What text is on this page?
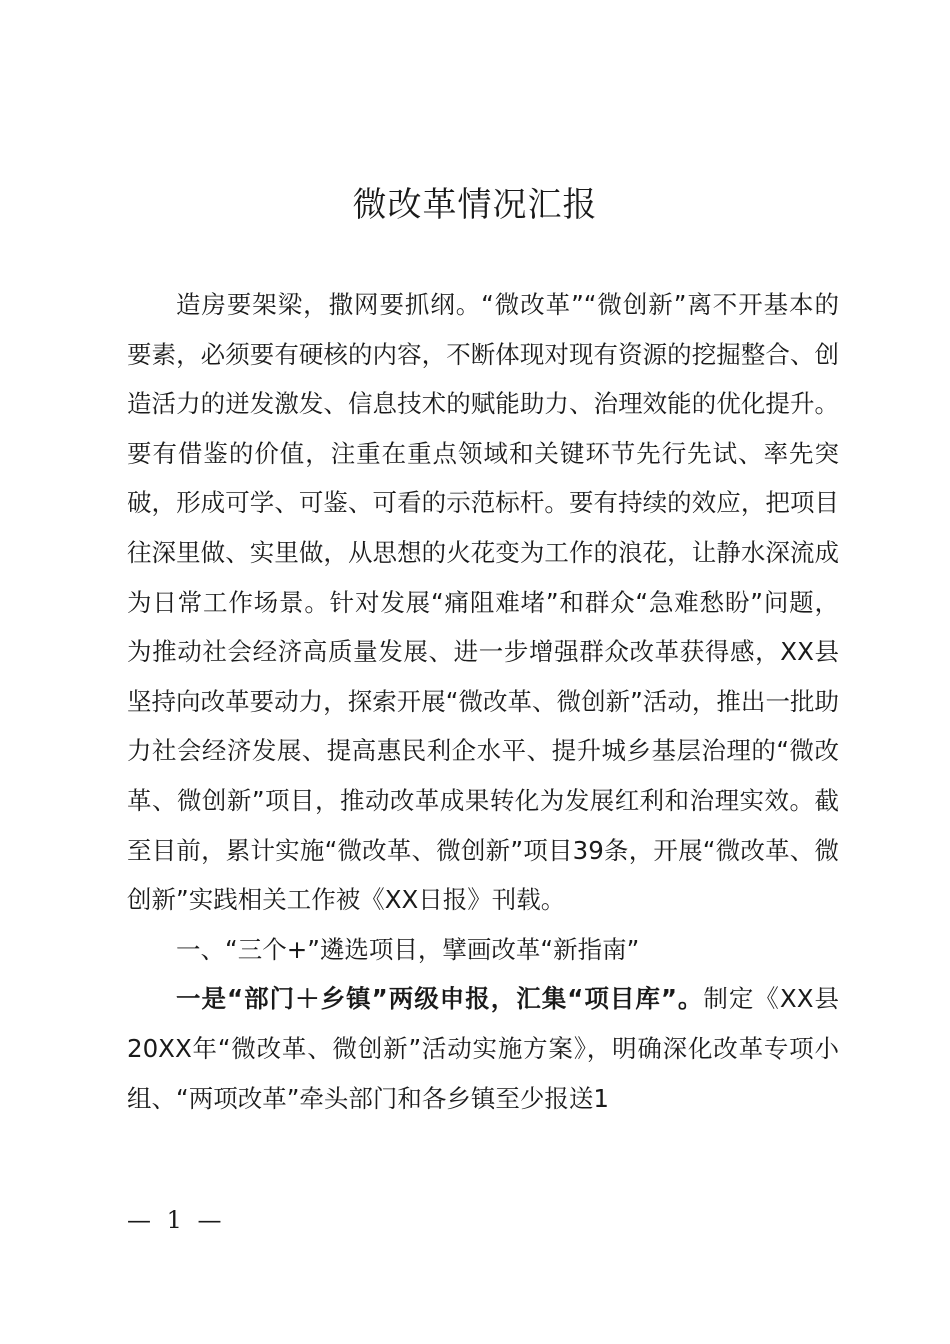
微改革情况汇报

造房要架梁，撒网要抓纲。“微改革”“微创新”离不开基本的要素，必须要有硬核的内容，不断体现对现有资源的挖掘整合、创造活力的迸发激发、信息技术的赋能助力、治理效能的优化提升。要有借鉴的价值，注重在重点领域和关键环节先行先试、率先突破，形成可学、可鉴、可看的示范标杆。要有持续的效应，把项目往深里做、实里做，从思想的火花变为工作的浪花，让静水深流成为日常工作场景。针对发展“痛阻难堵”和群众“急难愁盼”问题，为推动社会经济高质量发展、进一步增强群众改革获得感，XX县坚持向改革要动力，探索开展“微改革、微创新”活动，推出一批助力社会经济发展、提高惠民利企水平、提升城乡基层治理的“微改革、微创新”项目，推动改革成果转化为发展红利和治理实效。截至目前，累计实施“微改革、微创新”项目39条，开展“微改革、微创新”实践相关工作被《XX日报》刊载。

一、“三个+”遴选项目，擘画改革“新指南”

一是“部门＋乡镇”两级申报，汇集“项目库”。制定《XX县20XX年“微改革、微创新”活动实施方案》，明确深化改革专项小组、“两项改革”牵头部门和各乡镇至少报送1

— 1 —
